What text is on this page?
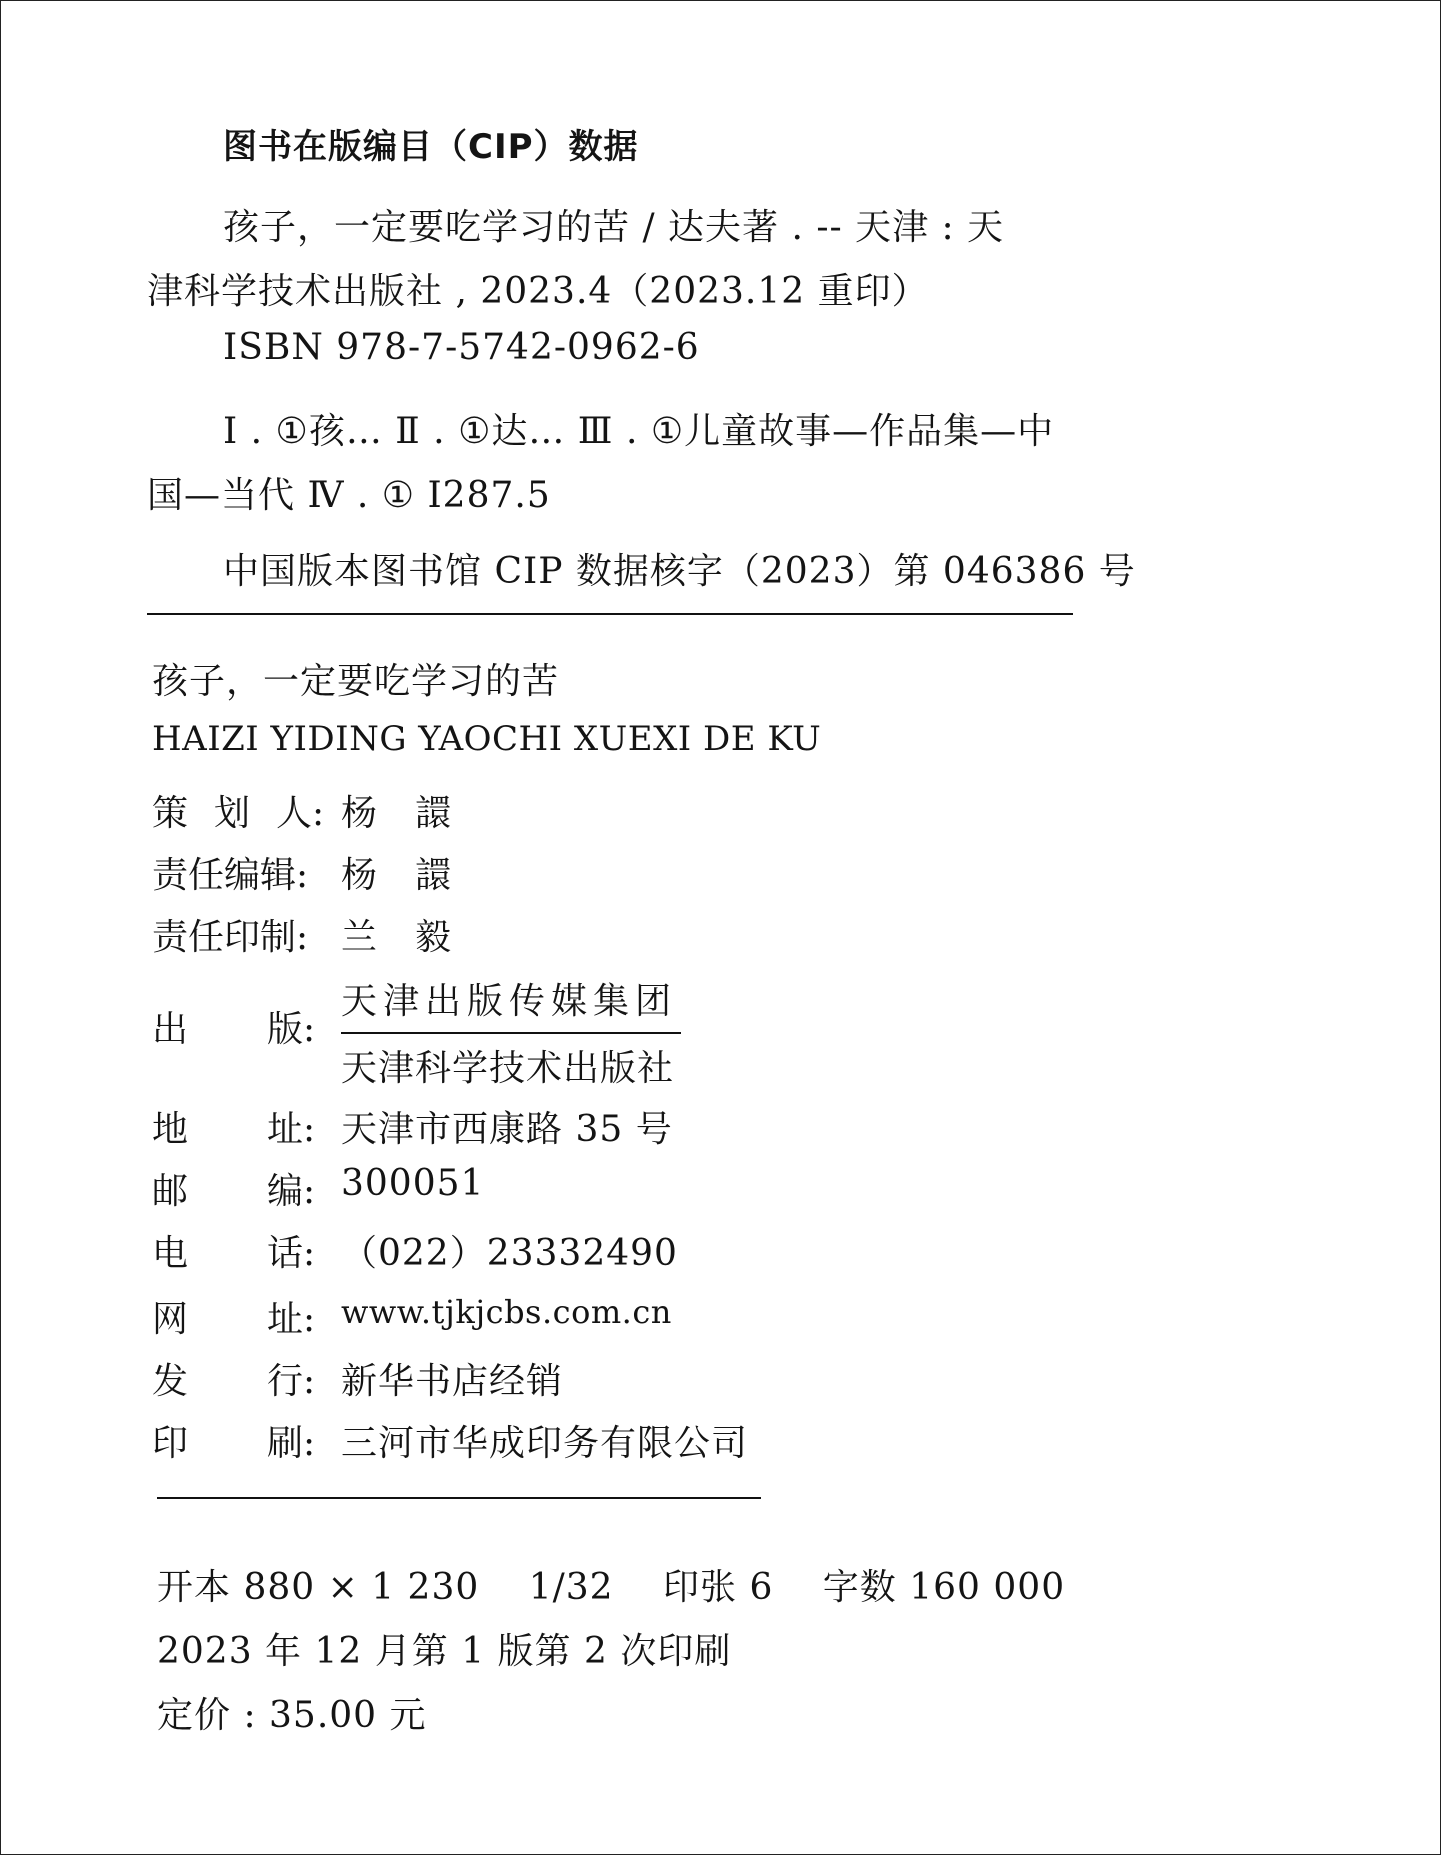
图书在版编目（CIP）数据
孩子，一定要吃学习的苦 / 达夫著 . -- 天津 : 天
津科学技术出版社 , 2023.4（2023.12 重印）
ISBN 978-7-5742-0962-6
Ⅰ . ①孩… Ⅱ . ①达… Ⅲ . ①儿童故事—作品集—中
国—当代 Ⅳ . ① I287.5
中国版本图书馆 CIP 数据核字（2023）第 046386 号
孩子，一定要吃学习的苦
HAIZI YIDING YAOCHI XUEXI DE KU
策 划 人: 杨　譞
责任编辑: 杨　譞
责任印制: 兰　毅
出 版:
天津出版传媒集团
天津科学技术出版社
地 址: 天津市西康路 35 号
邮 编: 300051
电 话: （022）23332490
网 址: www.tjkjcbs.com.cn
发 行: 新华书店经销
印 刷: 三河市华成印务有限公司
开本 880 × 1 230　 1/32　 印张 6　 字数 160 000
2023 年 12 月第 1 版第 2 次印刷
定价 : 35.00 元
